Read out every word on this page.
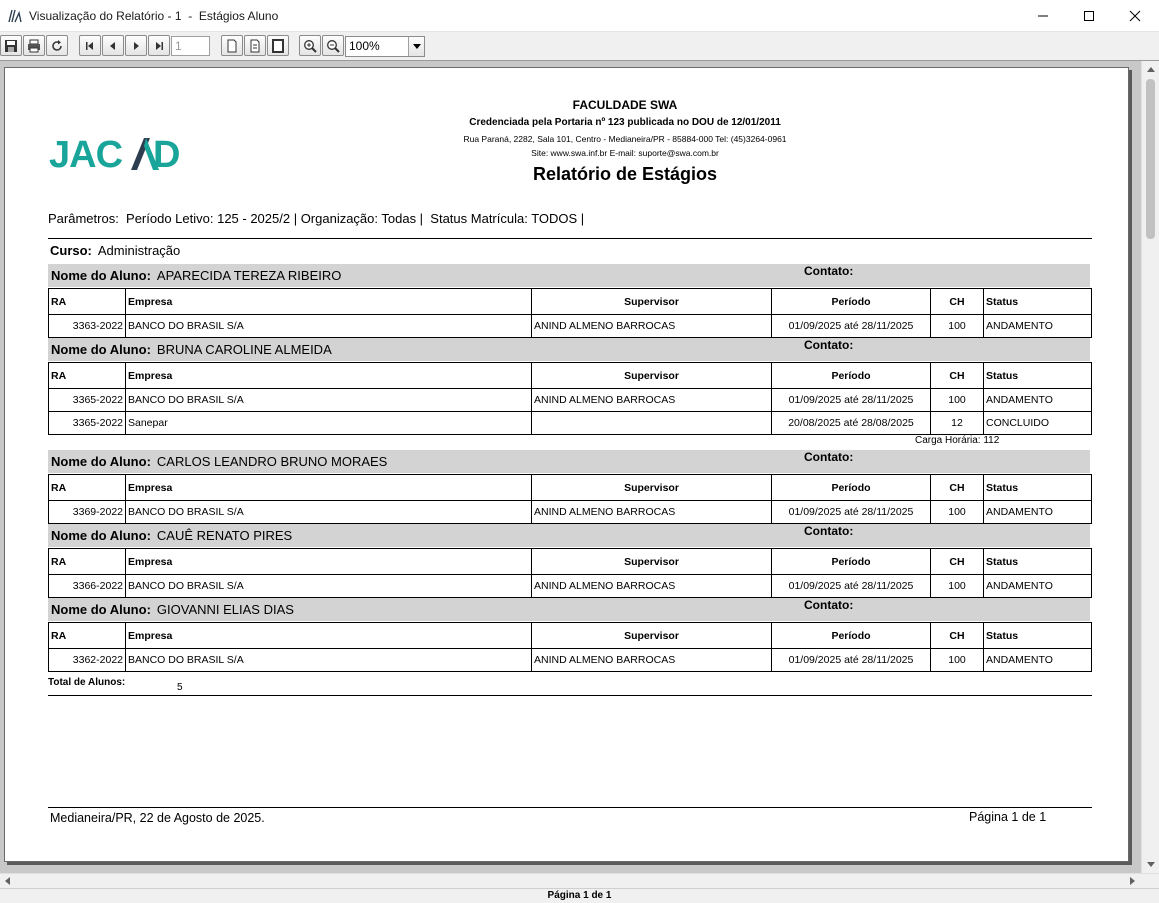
Visualização do Relatório - 1  -  Estágios Aluno
1
100%
JAC D
JACAD
FACULDADE SWA
Credenciada pela Portaria nº 123 publicada no DOU de 12/01/2011
Rua Paraná, 2282, Sala 101, Centro - Medianeira/PR - 85884-000 Tel: (45)3264-0961
Site: www.swa.inf.br E-mail: suporte@swa.com.br
Relatório de Estágios
Parâmetros:  Período Letivo: 125 - 2025/2 | Organização: Todas |  Status Matrícula: TODOS |
Curso: Administração
Nome do Aluno: APARECIDA TEREZA RIBEIRO	Contato:
RA	Empresa	Supervisor	Período	CH	Status
3363-2022	BANCO DO BRASIL S/A	ANIND ALMENO BARROCAS	01/09/2025 até 28/11/2025	100	ANDAMENTO
Nome do Aluno: BRUNA CAROLINE ALMEIDA	Contato:
RA	Empresa	Supervisor	Período	CH	Status
3365-2022	BANCO DO BRASIL S/A	ANIND ALMENO BARROCAS	01/09/2025 até 28/11/2025	100	ANDAMENTO
3365-2022	Sanepar		20/08/2025 até 28/08/2025	12	CONCLUIDO
Carga Horária: 112
Nome do Aluno: CARLOS LEANDRO BRUNO MORAES	Contato:
RA	Empresa	Supervisor	Período	CH	Status
3369-2022	BANCO DO BRASIL S/A	ANIND ALMENO BARROCAS	01/09/2025 até 28/11/2025	100	ANDAMENTO
Nome do Aluno: CAUÊ RENATO PIRES	Contato:
RA	Empresa	Supervisor	Período	CH	Status
3366-2022	BANCO DO BRASIL S/A	ANIND ALMENO BARROCAS	01/09/2025 até 28/11/2025	100	ANDAMENTO
Nome do Aluno: GIOVANNI ELIAS DIAS	Contato:
RA	Empresa	Supervisor	Período	CH	Status
3362-2022	BANCO DO BRASIL S/A	ANIND ALMENO BARROCAS	01/09/2025 até 28/11/2025	100	ANDAMENTO
Total de Alunos:	5
Medianeira/PR, 22 de Agosto de 2025.	Página 1 de 1
Página 1 de 1
